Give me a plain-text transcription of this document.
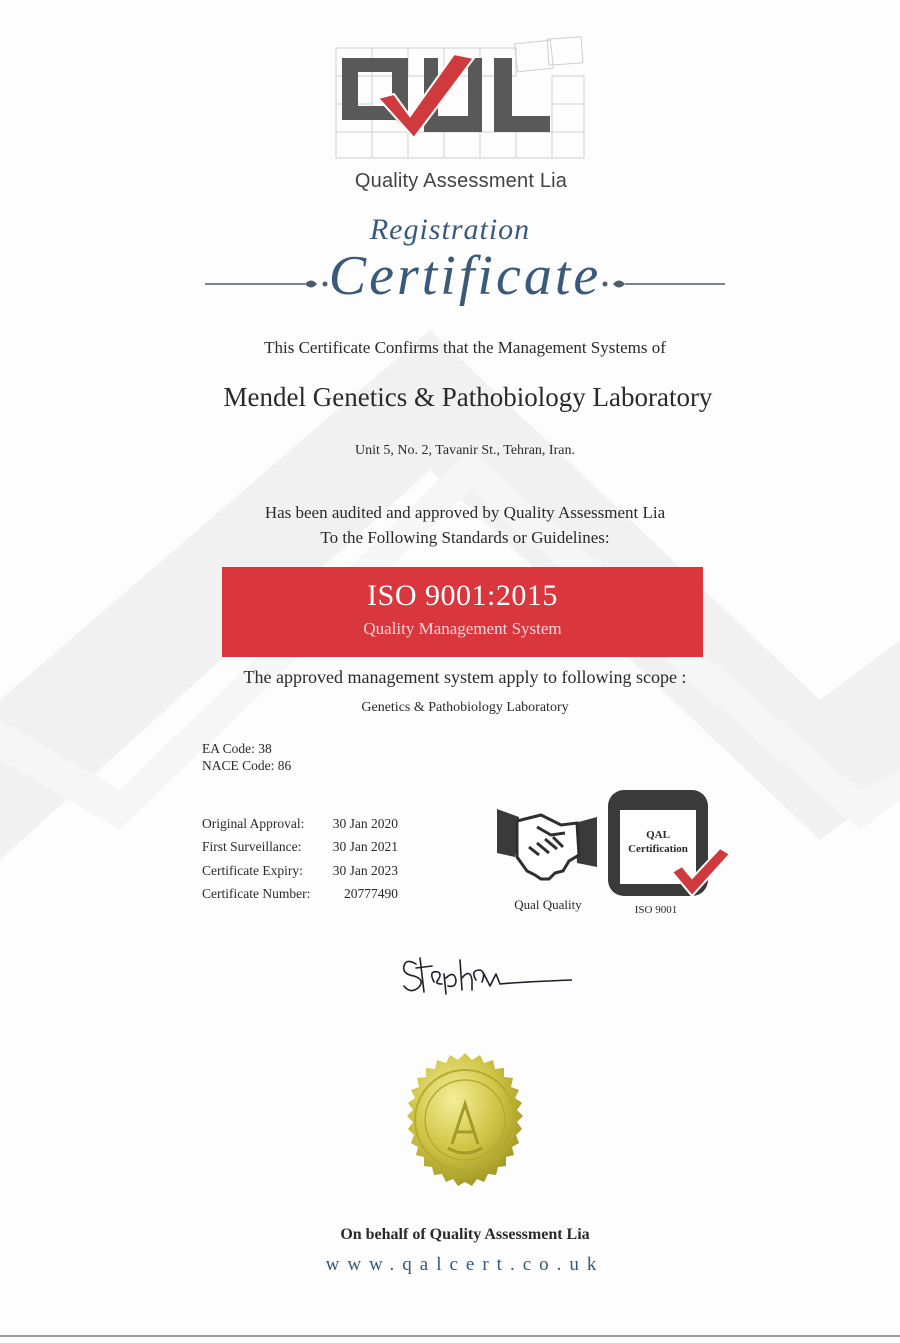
Quality Assessment Lia
Registration
Certificate
This Certificate Confirms that the Management Systems of
Mendel Genetics & Pathobiology Laboratory
Unit 5, No. 2, Tavanir St., Tehran, Iran.
Has been audited and approved by Quality Assessment Lia
To the Following Standards or Guidelines:
ISO 9001:2015
Quality Management System
The approved management system apply to following scope :
Genetics & Pathobiology Laboratory
EA Code: 38
NACE Code: 86
Original Approval: 30 Jan 2020
First Surveillance: 30 Jan 2021
Certificate Expiry: 30 Jan 2023
Certificate Number: 20777490
Qual Quality
QAL
Certification
ISO 9001
On behalf of Quality Assessment Lia
www.qalcert.co.uk
